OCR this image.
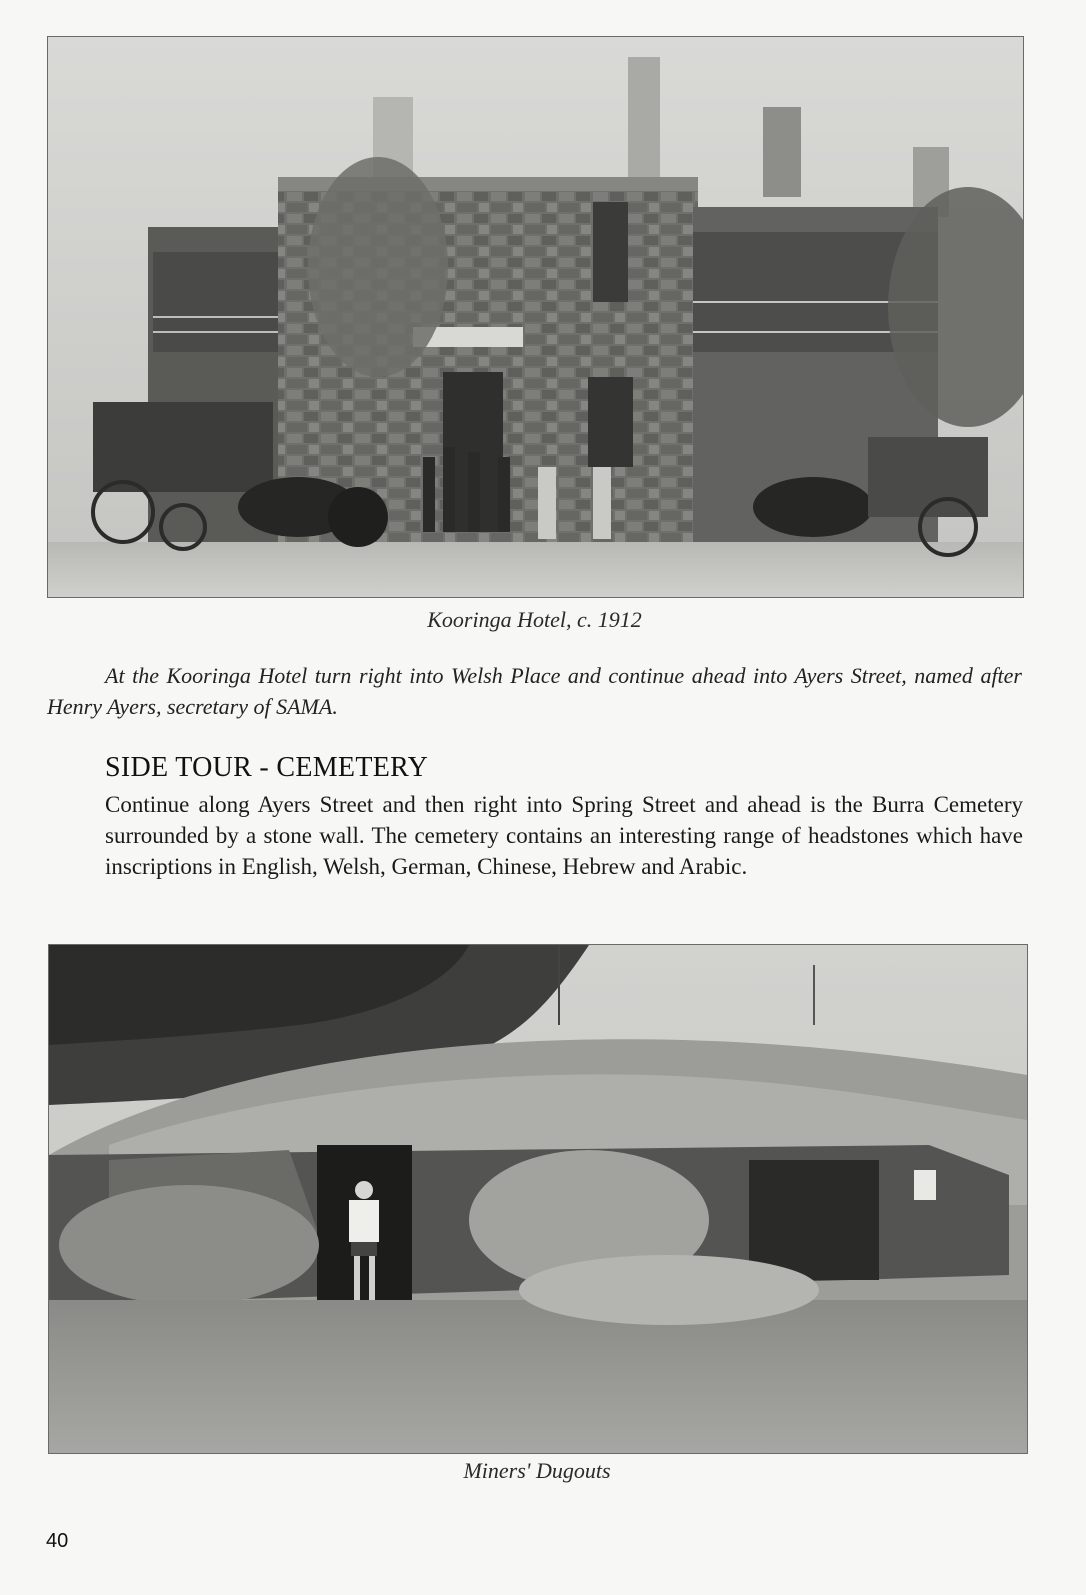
Kooringa Hotel, c. 1912

At the Kooringa Hotel turn right into Welsh Place and continue ahead into Ayers Street, named after Henry Ayers, secretary of SAMA.

SIDE TOUR - CEMETERY

Continue along Ayers Street and then right into Spring Street and ahead is the Burra Cemetery surrounded by a stone wall. The cemetery contains an interesting range of headstones which have inscriptions in English, Welsh, German, Chinese, Hebrew and Arabic.

Miners' Dugouts
40
